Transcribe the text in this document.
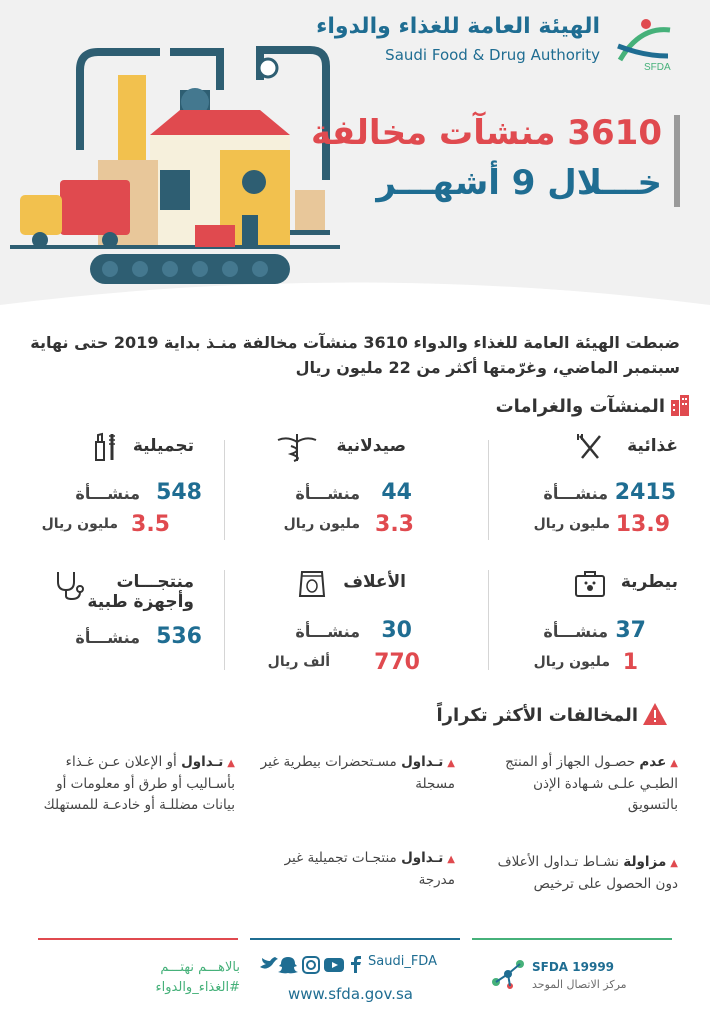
الهيئة العامة للغذاء والدواء
Saudi Food & Drug Authority
SFDA
3610 منشآت مخالفة
خـــلال 9 أشهـــر
ضبطت الهيئة العامة للغذاء والدواء 3610 منشآت مخالفة منـذ بداية 2019 حتى نهاية سبتمبر الماضي، وغرّمتها أكثر من 22 مليون ريال
المنشآت والغرامات
غذائية
2415
منشـــأة
13.9
مليون ريال
صيدلانية
44
منشـــأة
3.3
مليون ريال
تجميلية
548
منشـــأة
3.5
مليون ريال
بيطرية
37
منشـــأة
1
مليون ريال
الأعلاف
30
منشـــأة
770
ألف ريال
منتجـــات
وأجهزة طبية
536
منشـــأة
المخالفات الأكثر تكراراً
▲عدم حصـول الجهاز أو المنتج الطبـي علـى شـهادة الإذن بالتسويق
▲تـداول مسـتحضرات بيطرية غير مسجلة
▲تـداول أو الإعلان عـن غـذاء بأسـاليب أو طرق أو معلومات أو بيانات مضللـة أو خادعـة للمستهلك
▲مزاولة نشـاط تـداول الأعلاف دون الحصول على ترخيص
▲تـداول منتجـات تجميلية غير مدرجة
بالاهـــم نهتـــم
#الغذاء_والدواء
Saudi_FDA
www.sfda.gov.sa
SFDA 19999
مركز الاتصال الموحد
